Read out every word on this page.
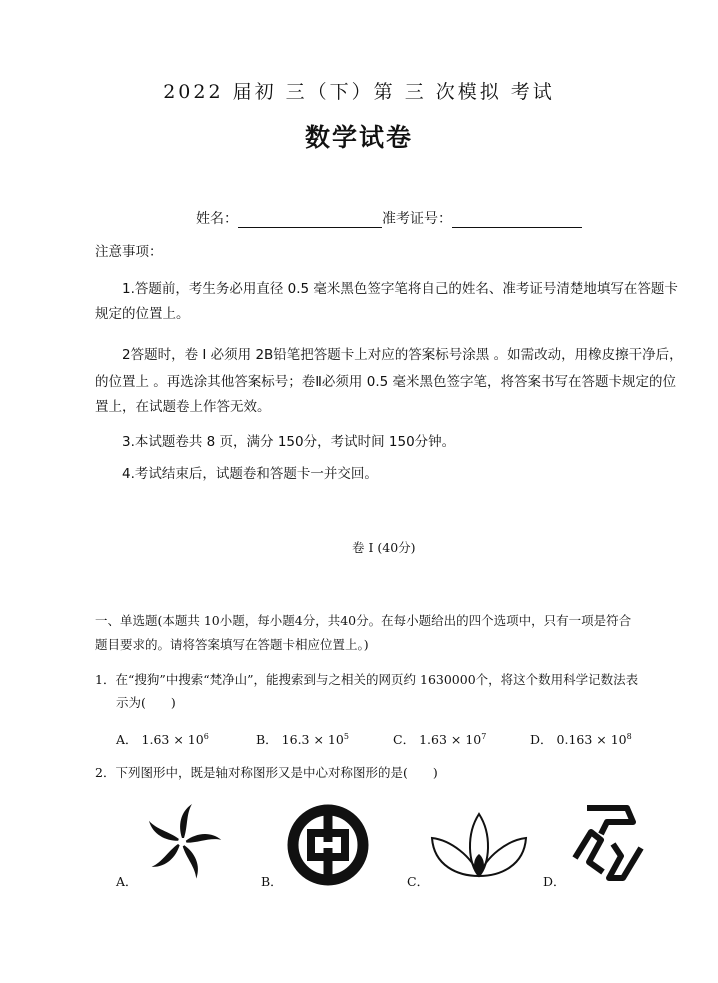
2022 届初 三（下）第 三 次模拟 考试
数学试卷
姓名：	准考证号：
注意事项：
1.答题前，考生务必用直径 0.5 毫米黑色签字笔将自己的姓名、准考证号清楚地填写在答题卡
规定的位置上。
2答题时，卷 Ⅰ 必须用 2B铅笔把答题卡上对应的答案标号涂黑 。如需改动，用橡皮擦干净后，
的位置上 。再选涂其他答案标号；卷Ⅱ必须用 0.5 毫米黑色签字笔，将答案书写在答题卡规定的位
置上，在试题卷上作答无效。
3.本试题卷共 8 页，满分 150分，考试时间 150分钟。
4.考试结束后，试题卷和答题卡一并交回。
卷 Ⅰ (40分)
一、单选题(本题共 10小题，每小题4分，共40分。在每小题给出的四个选项中，只有一项是符合
题目要求的。请将答案填写在答题卡相应位置上。)
1．在“搜狗”中搜索“梵净山”，能搜索到与之相关的网页约 1630000个，将这个数用科学记数法表
示为(　　)
A． $1.63 \times 10^6$	B． $16.3 \times 10^5$	C． $1.63 \times 10^7$	D． $0.163 \times 10^8$
2．下列图形中，既是轴对称图形又是中心对称图形的是(　　)
A．	B．	C．	D．
